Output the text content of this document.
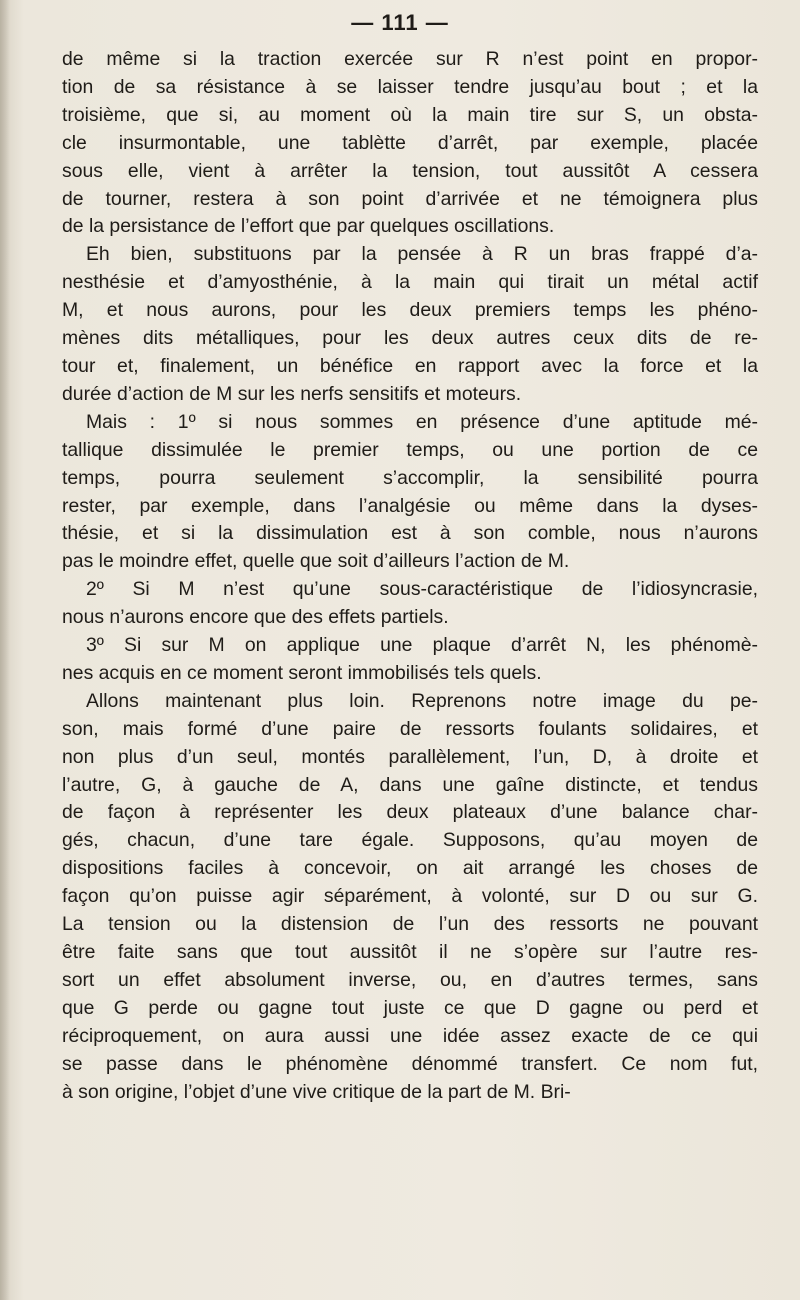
— 111 —

de même si la traction exercée sur R n’est point en propor-
tion de sa résistance à se laisser tendre jusqu’au bout ; et la
troisième, que si, au moment où la main tire sur S, un obsta-
cle insurmontable, une tablètte d’arrêt, par exemple, placée
sous elle, vient à arrêter la tension, tout aussitôt A cessera
de tourner, restera à son point d’arrivée et ne témoignera plus
de la persistance de l’effort que par quelques oscillations.

Eh bien, substituons par la pensée à R un bras frappé d’a-
nesthésie et d’amyosthénie, à la main qui tirait un métal actif
M, et nous aurons, pour les deux premiers temps les phéno-
mènes dits métalliques, pour les deux autres ceux dits de re-
tour et, finalement, un bénéfice en rapport avec la force et la
durée d’action de M sur les nerfs sensitifs et moteurs.

Mais : 1º si nous sommes en présence d’une aptitude mé-
tallique dissimulée le premier temps, ou une portion de ce
temps, pourra seulement s’accomplir, la sensibilité pourra
rester, par exemple, dans l’analgésie ou même dans la dyses-
thésie, et si la dissimulation est à son comble, nous n’aurons
pas le moindre effet, quelle que soit d’ailleurs l’action de M.

2º Si M n’est qu’une sous-caractéristique de l’idiosyncrasie,
nous n’aurons encore que des effets partiels.

3º Si sur M on applique une plaque d’arrêt N, les phénomè-
nes acquis en ce moment seront immobilisés tels quels.

Allons maintenant plus loin. Reprenons notre image du pe-
son, mais formé d’une paire de ressorts foulants solidaires, et
non plus d’un seul, montés parallèlement, l’un, D, à droite et
l’autre, G, à gauche de A, dans une gaîne distincte, et tendus
de façon à représenter les deux plateaux d’une balance char-
gés, chacun, d’une tare égale. Supposons, qu’au moyen de
dispositions faciles à concevoir, on ait arrangé les choses de
façon qu’on puisse agir séparément, à volonté, sur D ou sur G.
La tension ou la distension de l’un des ressorts ne pouvant
être faite sans que tout aussitôt il ne s’opère sur l’autre res-
sort un effet absolument inverse, ou, en d’autres termes, sans
que G perde ou gagne tout juste ce que D gagne ou perd et
réciproquement, on aura aussi une idée assez exacte de ce qui
se passe dans le phénomène dénommé transfert. Ce nom fut,
à son origine, l’objet d’une vive critique de la part de M. Bri-
